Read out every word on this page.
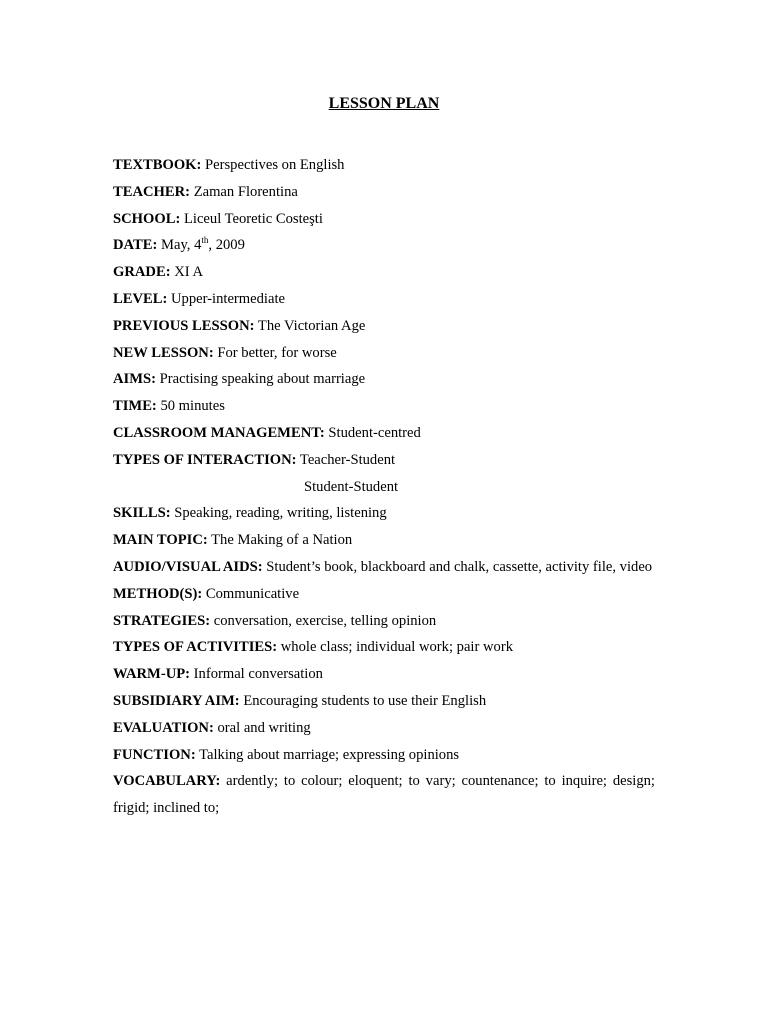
LESSON PLAN
TEXTBOOK: Perspectives on English
TEACHER: Zaman Florentina
SCHOOL: Liceul Teoretic Costeşti
DATE: May, 4th, 2009
GRADE: XI A
LEVEL: Upper-intermediate
PREVIOUS LESSON: The Victorian Age
NEW LESSON: For better, for worse
AIMS: Practising speaking about marriage
TIME: 50 minutes
CLASSROOM MANAGEMENT: Student-centred
TYPES OF INTERACTION: Teacher-Student
Student-Student
SKILLS: Speaking, reading, writing, listening
MAIN TOPIC: The Making of a Nation
AUDIO/VISUAL AIDS: Student’s book, blackboard and chalk, cassette, activity file, video
METHOD(S): Communicative
STRATEGIES: conversation, exercise, telling opinion
TYPES OF ACTIVITIES: whole class; individual work; pair work
WARM-UP: Informal conversation
SUBSIDIARY AIM: Encouraging students to use their English
EVALUATION: oral and writing
FUNCTION: Talking about marriage; expressing opinions
VOCABULARY: ardently; to colour; eloquent; to vary; countenance; to inquire; design; frigid; inclined to;
